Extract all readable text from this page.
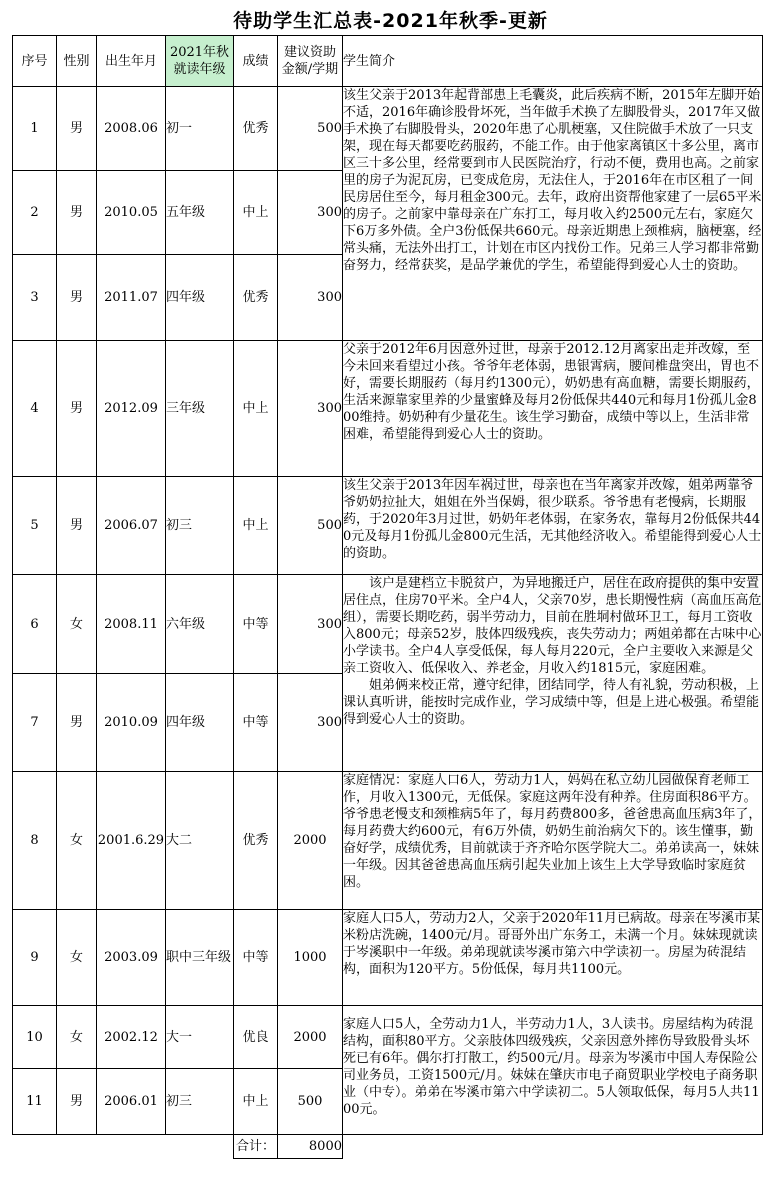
待助学生汇总表-2021年秋季-更新
序号	性别	出生年月	2021年秋就读年级	成绩	建议资助金额/学期	学生简介
1	男	2008.06	初一	优秀	500	该生父亲于2013年起背部患上毛囊炎，此后疾病不断，2015年左脚开始不适，2016年确诊股骨坏死，当年做手术换了左脚股骨头，2017年又做手术换了右脚股骨头，2020年患了心肌梗塞，又住院做手术放了一只支架，现在每天都要吃药服药，不能工作。由于他家离镇区十多公里，离市区三十多公里，经常要到市人民医院治疗，行动不便，费用也高。之前家里的房子为泥瓦房，已变成危房，无法住人，于2016年在市区租了一间民房居住至今，每月租金300元。去年，政府出资帮他家建了一层65平米的房子。之前家中靠母亲在广东打工，每月收入约2500元左右，家庭欠下6万多外债。全户3份低保共660元。母亲近期患上颈椎病，脑梗塞，经常头痛，无法外出打工，计划在市区内找份工作。兄弟三人学习都非常勤奋努力，经常获奖，是品学兼优的学生，希望能得到爱心人士的资助。
2	男	2010.05	五年级	中上	300	
3	男	2011.07	四年级	优秀	300	
4	男	2012.09	三年级	中上	300	父亲于2012年6月因意外过世，母亲于2012.12月离家出走并改嫁，至今未回来看望过小孩。爷爷年老体弱，患银霄病，腰间椎盘突出，胃也不好，需要长期服药（每月约1300元），奶奶患有高血糖，需要长期服药，生活来源靠家里养的少量蜜蜂及每月2份低保共440元和每月1份孤儿金800维持。奶奶种有少量花生。该生学习勤奋，成绩中等以上，生活非常困难，希望能得到爱心人士的资助。
5	男	2006.07	初三	中上	500	该生父亲于2013年因车祸过世，母亲也在当年离家并改嫁，姐弟两靠爷爷奶奶拉扯大，姐姐在外当保姆，很少联系。爷爷患有老慢病，长期服药，于2020年3月过世，奶奶年老体弱，在家务农，靠每月2份低保共440元及每月1份孤儿金800元生活，无其他经济收入。希望能得到爱心人士的资助。
6	女	2008.11	六年级	中等	300	该户是建档立卡脱贫户，为异地搬迁户，居住在政府提供的集中安置居住点，住房70平米。全户4人，父亲70岁，患长期慢性病（高血压高危组），需要长期吃药，弱半劳动力，目前在胜垌村做环卫工，每月工资收入800元；母亲52岁，肢体四级残疾，丧失劳动力；两姐弟都在古味中心小学读书。全户4人享受低保，每人每月220元，全户主要收入来源是父亲工资收入、低保收入、养老金，月收入约1815元，家庭困难。
姐弟俩来校正常，遵守纪律，团结同学，待人有礼貌，劳动积极，上课认真听讲，能按时完成作业，学习成绩中等，但是上进心极强。希望能得到爱心人士的资助。

7	男	2010.09	四年级	中等	300	
8	女	2001.6.29	大二	优秀	2000	家庭情况：家庭人口6人，劳动力1人，妈妈在私立幼儿园做保育老师工作，月收入1300元，无低保。家庭这两年没有种养。住房面积86平方。爷爷患老慢支和颈椎病5年了，每月药费800多，爸爸患高血压病3年了，每月药费大约600元，有6万外债，奶奶生前治病欠下的。该生懂事，勤奋好学，成绩优秀，目前就读于齐齐哈尔医学院大二。弟弟读高一，妹妹一年级。因其爸爸患高血压病引起失业加上该生上大学导致临时家庭贫困。
9	女	2003.09	职中三年级	中等	1000	家庭人口5人，劳动力2人，父亲于2020年11月已病故。母亲在岑溪市某米粉店洗碗，1400元/月。哥哥外出广东务工，未满一个月。妹妹现就读于岑溪职中一年级。弟弟现就读岑溪市第六中学读初一。房屋为砖混结构，面积为120平方。5份低保，每月共1100元。
10	女	2002.12	大一	优良	2000	家庭人口5人，全劳动力1人，半劳动力1人，3人读书。房屋结构为砖混结构，面积80平方。父亲肢体四级残疾，父亲因意外摔伤导致股骨头坏死已有6年。偶尔打打散工，约500元/月。母亲为岑溪市中国人寿保险公司业务员，工资1500元/月。妹妹在肇庆市电子商贸职业学校电子商务职业（中专）。弟弟在岑溪市第六中学读初二。5人领取低保，每月5人共1100元。
11	男	2006.01	初三	中上	500	
				合计：	8000	
